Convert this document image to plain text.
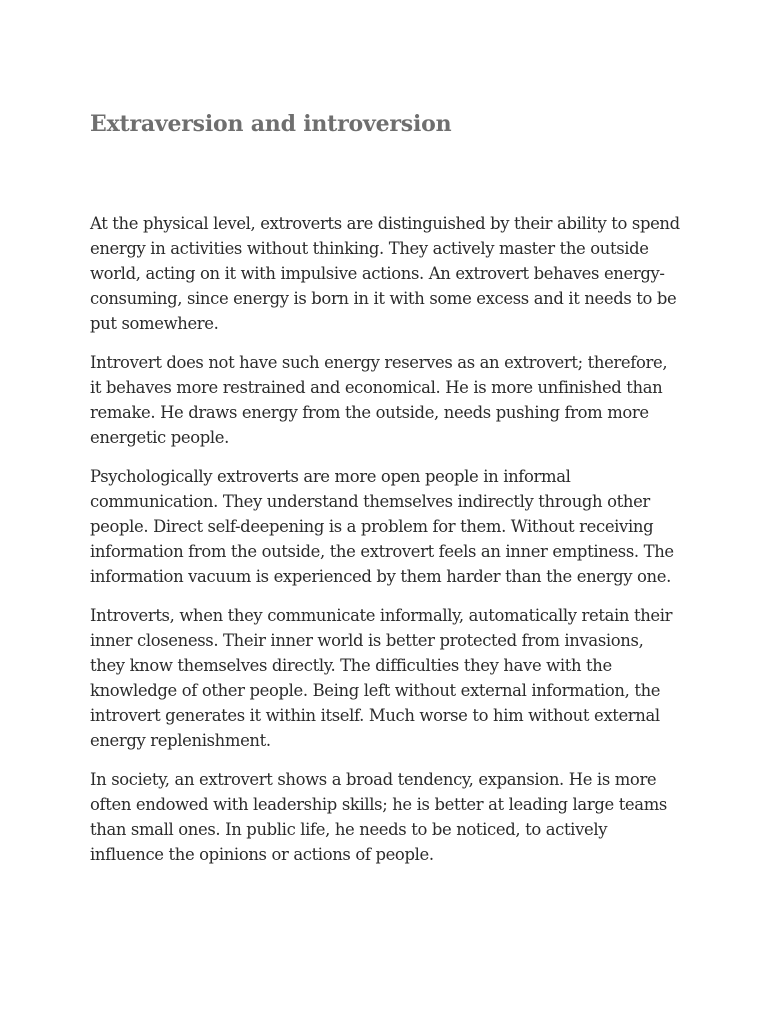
Extraversion and introversion

At the physical level, extroverts are distinguished by their ability to spend energy in activities without thinking. They actively master the outside world, acting on it with impulsive actions. An extrovert behaves energy-consuming, since energy is born in it with some excess and it needs to be put somewhere.

Introvert does not have such energy reserves as an extrovert; therefore, it behaves more restrained and economical. He is more unfinished than remake. He draws energy from the outside, needs pushing from more energetic people.

Psychologically extroverts are more open people in informal communication. They understand themselves indirectly through other people. Direct self-deepening is a problem for them. Without receiving information from the outside, the extrovert feels an inner emptiness. The information vacuum is experienced by them harder than the energy one.

Introverts, when they communicate informally, automatically retain their inner closeness. Their inner world is better protected from invasions, they know themselves directly. The difficulties they have with the knowledge of other people. Being left without external information, the introvert generates it within itself. Much worse to him without external energy replenishment.

In society, an extrovert shows a broad tendency, expansion. He is more often endowed with leadership skills; he is better at leading large teams than small ones. In public life, he needs to be noticed, to actively influence the opinions or actions of people.
